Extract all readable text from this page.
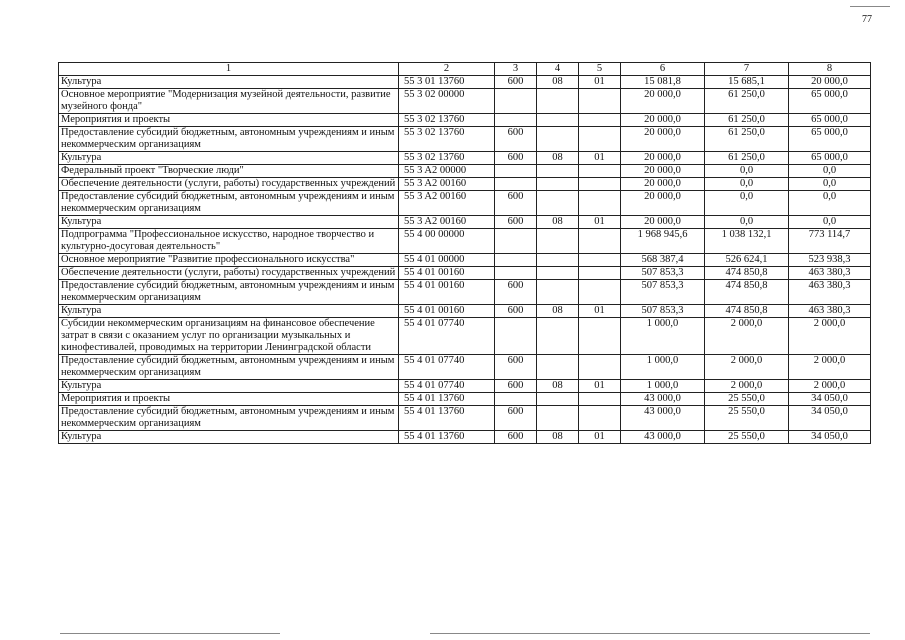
77
1	2	3	4	5	6	7	8
Культура	55 3 01 13760	600	08	01	15 081,8	15 685,1	20 000,0
Основное мероприятие "Модернизация музейной деятельности, развитие музейного фонда"	55 3 02 00000				20 000,0	61 250,0	65 000,0
Мероприятия и проекты	55 3 02 13760				20 000,0	61 250,0	65 000,0
Предоставление субсидий бюджетным, автономным учреждениям и иным некоммерческим организациям	55 3 02 13760	600			20 000,0	61 250,0	65 000,0
Культура	55 3 02 13760	600	08	01	20 000,0	61 250,0	65 000,0
Федеральный проект "Творческие люди"	55 3 A2 00000				20 000,0	0,0	0,0
Обеспечение деятельности (услуги, работы) государственных учреждений	55 3 A2 00160				20 000,0	0,0	0,0
Предоставление субсидий бюджетным, автономным учреждениям и иным некоммерческим организациям	55 3 A2 00160	600			20 000,0	0,0	0,0
Культура	55 3 A2 00160	600	08	01	20 000,0	0,0	0,0
Подпрограмма "Профессиональное искусство, народное творчество и культурно-досуговая деятельность"	55 4 00 00000				1 968 945,6	1 038 132,1	773 114,7
Основное мероприятие "Развитие профессионального искусства"	55 4 01 00000				568 387,4	526 624,1	523 938,3
Обеспечение деятельности (услуги, работы) государственных учреждений	55 4 01 00160				507 853,3	474 850,8	463 380,3
Предоставление субсидий бюджетным, автономным учреждениям и иным некоммерческим организациям	55 4 01 00160	600			507 853,3	474 850,8	463 380,3
Культура	55 4 01 00160	600	08	01	507 853,3	474 850,8	463 380,3
Субсидии некоммерческим организациям на финансовое обеспечение затрат в связи с оказанием услуг по организации музыкальных и кинофестивалей, проводимых на территории Ленинградской области	55 4 01 07740				1 000,0	2 000,0	2 000,0
Предоставление субсидий бюджетным, автономным учреждениям и иным некоммерческим организациям	55 4 01 07740	600			1 000,0	2 000,0	2 000,0
Культура	55 4 01 07740	600	08	01	1 000,0	2 000,0	2 000,0
Мероприятия и проекты	55 4 01 13760				43 000,0	25 550,0	34 050,0
Предоставление субсидий бюджетным, автономным учреждениям и иным некоммерческим организациям	55 4 01 13760	600			43 000,0	25 550,0	34 050,0
Культура	55 4 01 13760	600	08	01	43 000,0	25 550,0	34 050,0
